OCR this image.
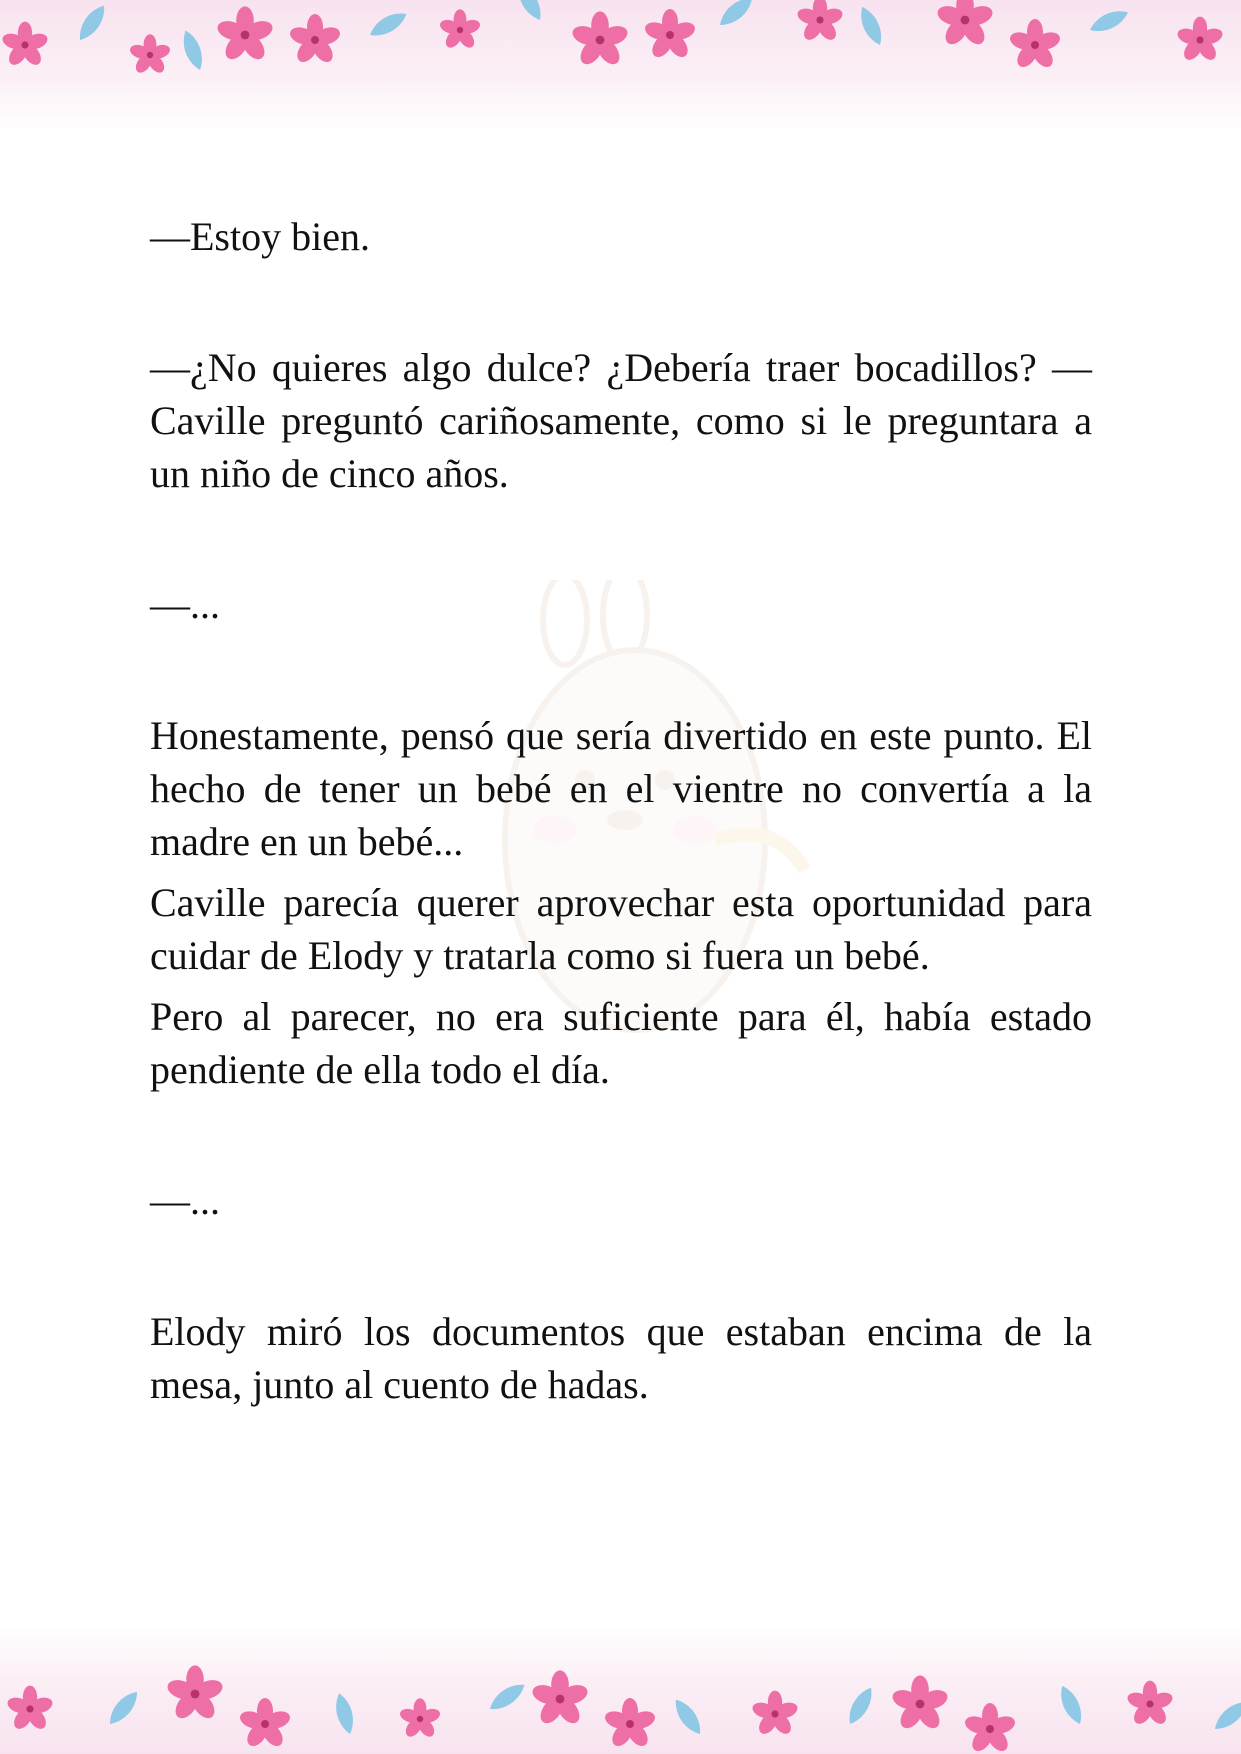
—Estoy bien.

—¿No quieres algo dulce? ¿Debería traer bocadillos? —Caville preguntó cariñosamente, como si le preguntara a un niño de cinco años.

—...

Honestamente, pensó que sería divertido en este punto. El hecho de tener un bebé en el vientre no convertía a la madre en un bebé...

Caville parecía querer aprovechar esta oportunidad para cuidar de Elody y tratarla como si fuera un bebé.

Pero al parecer, no era suficiente para él, había estado pendiente de ella todo el día.

—...

Elody miró los documentos que estaban encima de la mesa, junto al cuento de hadas.
